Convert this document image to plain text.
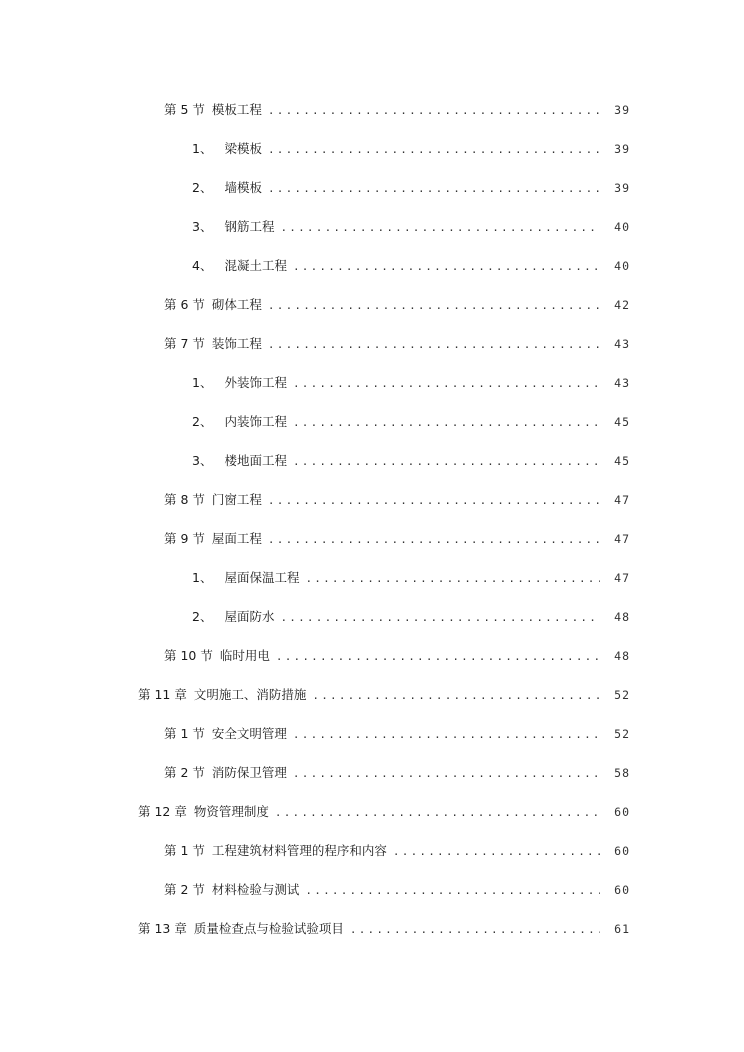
第 5 节 模板工程 .....	39
1、 梁模板 .....	39
2、 墙模板 .....	39
3、 钢筋工程 .....	40
4、 混凝土工程 .....	40
第 6 节 砌体工程 .....	42
第 7 节 装饰工程 .....	43
1、 外装饰工程 .....	43
2、 内装饰工程 .....	45
3、 楼地面工程 .....	45
第 8 节 门窗工程 .....	47
第 9 节 屋面工程 .....	47
1、 屋面保温工程 .....	47
2、 屋面防水 .....	48
第 10 节 临时用电 .....	48
第 11 章 文明施工、消防措施 .....	52
第 1 节 安全文明管理 .....	52
第 2 节 消防保卫管理 .....	58
第 12 章 物资管理制度 .....	60
第 1 节 工程建筑材料管理的程序和内容 .....	60
第 2 节 材料检验与测试 .....	60
第 13 章 质量检查点与检验试验项目 .....	61
